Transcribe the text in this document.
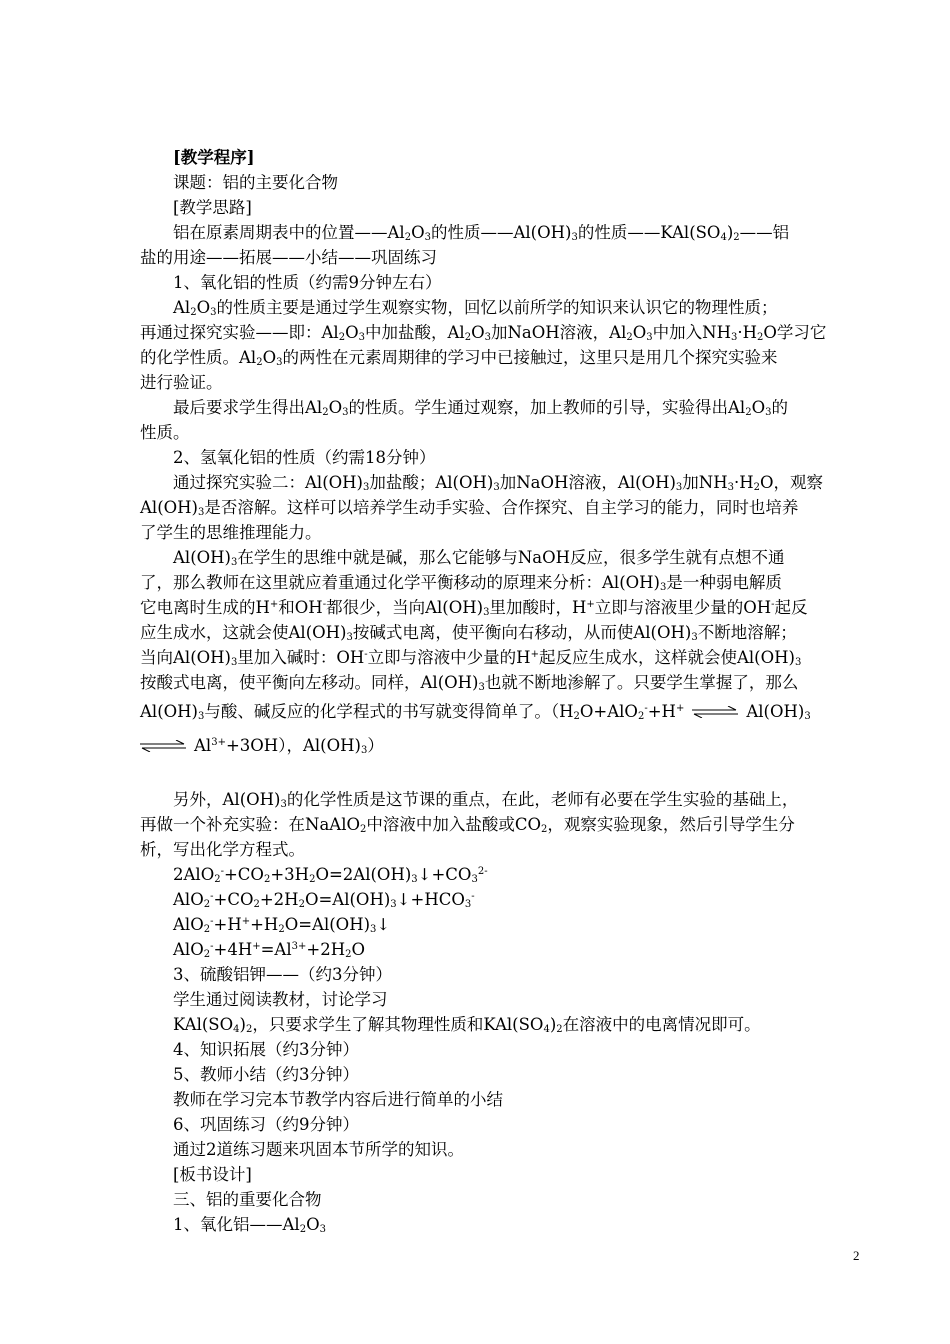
[教学程序]
课题：铝的主要化合物
[教学思路]
铝在原素周期表中的位置$——Al_2O_3$的性质$——Al(OH)_3$的性质$——KAl(SO_4)_2——$铝
盐的用途——拓展——小结——巩固练习
1、氧化铝的性质（约需9分钟左右）
$Al_2O_3$的性质主要是通过学生观察实物，回忆以前所学的知识来认识它的物理性质；
再通过探究实验——即：$Al_2O_3$中加盐酸，$Al_2O_3$加NaOH溶液，$Al_2O_3$中加入$NH_3\cdot H_2O$学习它
的化学性质。$Al_2O_3$的两性在元素周期律的学习中已接触过，这里只是用几个探究实验来
进行验证。
最后要求学生得出$Al_2O_3$的性质。学生通过观察，加上教师的引导，实验得出$Al_2O_3$的
性质。
2、氢氧化铝的性质（约需18分钟）
通过探究实验二：$Al(OH)_3$加盐酸；$Al(OH)_3$加NaOH溶液，$Al(OH)_3$加$NH_3\cdot H_2O$，观察
$Al(OH)_3$是否溶解。这样可以培养学生动手实验、合作探究、自主学习的能力，同时也培养
了学生的思维推理能力。
$Al(OH)_3$在学生的思维中就是碱，那么它能够与NaOH反应，很多学生就有点想不通
了，那么教师在这里就应着重通过化学平衡移动的原理来分析：$Al(OH)_3$是一种弱电解质
它电离时生成的H+和OH-都很少，当向$Al(OH)_3$里加酸时，H+立即与溶液里少量的OH-起反
应生成水，这就会使$Al(OH)_3$按碱式电离，使平衡向右移动，从而使$Al(OH)_3$不断地溶解；
当向$Al(OH)_3$里加入碱时：OH-立即与溶液中少量的H+起反应生成水，这样就会使$Al(OH)_3$
按酸式电离，使平衡向左移动。同样，$Al(OH)_3$也就不断地渗解了。只要学生掌握了，那么
$Al(OH)_3$与酸、碱反应的化学程式的书写就变得简单了。（$H_2O+AlO_2^-+H^+$ ⇌ $Al(OH)_3$
⇌ $Al^{3+}+3OH$），$Al(OH)_3$）
另外，$Al(OH)_3$的化学性质是这节课的重点，在此，老师有必要在学生实验的基础上，
再做一个补充实验：在NaAlO$_2$中溶液中加入盐酸或$CO_2$，观察实验现象，然后引导学生分
析，写出化学方程式。
$2AlO_2^-+CO_2+3H_2O=2Al(OH)_3↓+CO_3^{2-}$
$AlO_2^-+CO_2+2H_2O=Al(OH)_3↓+HCO_3^-$
$AlO_2^-+H^++H_2O=Al(OH)_3↓$
$AlO_2^-+4H^+=Al^{3+}+2H_2O$
3、硫酸铝钾——（约3分钟）
学生通过阅读教材，讨论学习
$KAl(SO_4)_2$，只要求学生了解其物理性质和$KAl(SO_4)_2$在溶液中的电离情况即可。
4、知识拓展（约3分钟）
5、教师小结（约3分钟）
教师在学习完本节教学内容后进行简单的小结
6、巩固练习（约9分钟）
通过2道练习题来巩固本节所学的知识。
[板书设计]
三、铝的重要化合物
1、氧化铝$——Al_2O_3$
2
